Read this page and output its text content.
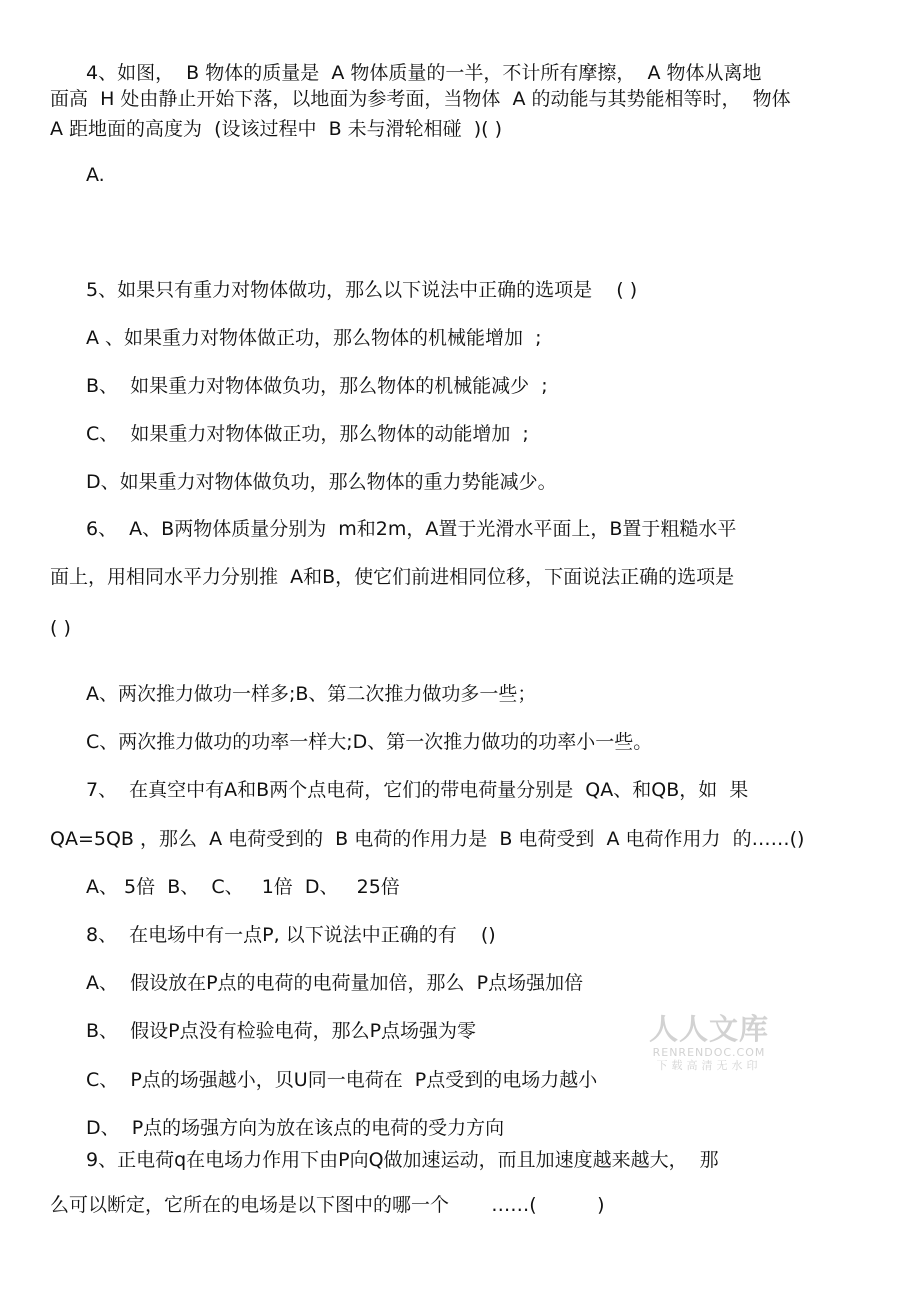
4、如图，  B 物体的质量是  A 物体质量的一半，不计所有摩擦，  A 物体从离地
面高  H 处由静止开始下落，以地面为参考面，当物体  A 的动能与其势能相等时，  物体
A 距地面的高度为  (设该过程中  B 未与滑轮相碰  )( )
A.
5、如果只有重力对物体做功，那么以下说法中正确的选项是    ( )
A 、如果重力对物体做正功，那么物体的机械能增加  ;
B、  如果重力对物体做负功，那么物体的机械能减少  ;
C、  如果重力对物体做正功，那么物体的动能增加  ;
D、如果重力对物体做负功，那么物体的重力势能减少。
6、  A、B两物体质量分别为  m和2m，A置于光滑水平面上，B置于粗糙水平
面上，用相同水平力分别推  A和B，使它们前进相同位移，下面说法正确的选项是
( )
A、两次推力做功一样多;B、第二次推力做功多一些；
C、两次推力做功的功率一样大;D、第一次推力做功的功率小一些。
7、  在真空中有A和B两个点电荷，它们的带电荷量分别是  QA、和QB，如  果
QA=5QB ，那么  A 电荷受到的  B 电荷的作用力是  B 电荷受到  A 电荷作用力  的……()
A、 5倍  B、  C、   1倍  D、   25倍
8、  在电场中有一点P, 以下说法中正确的有    ()
A、  假设放在P点的电荷的电荷量加倍，那么  P点场强加倍
B、  假设P点没有检验电荷，那么P点场强为零
C、  P点的场强越小，贝U同一电荷在  P点受到的电场力越小
D、  P点的场强方向为放在该点的电荷的受力方向
9、正电荷q在电场力作用下由P向Q做加速运动，而且加速度越来越大，  那
么可以断定，它所在的电场是以下图中的哪一个       ……(          )
人人文库
RENRENDOC.COM
下载高清无水印
